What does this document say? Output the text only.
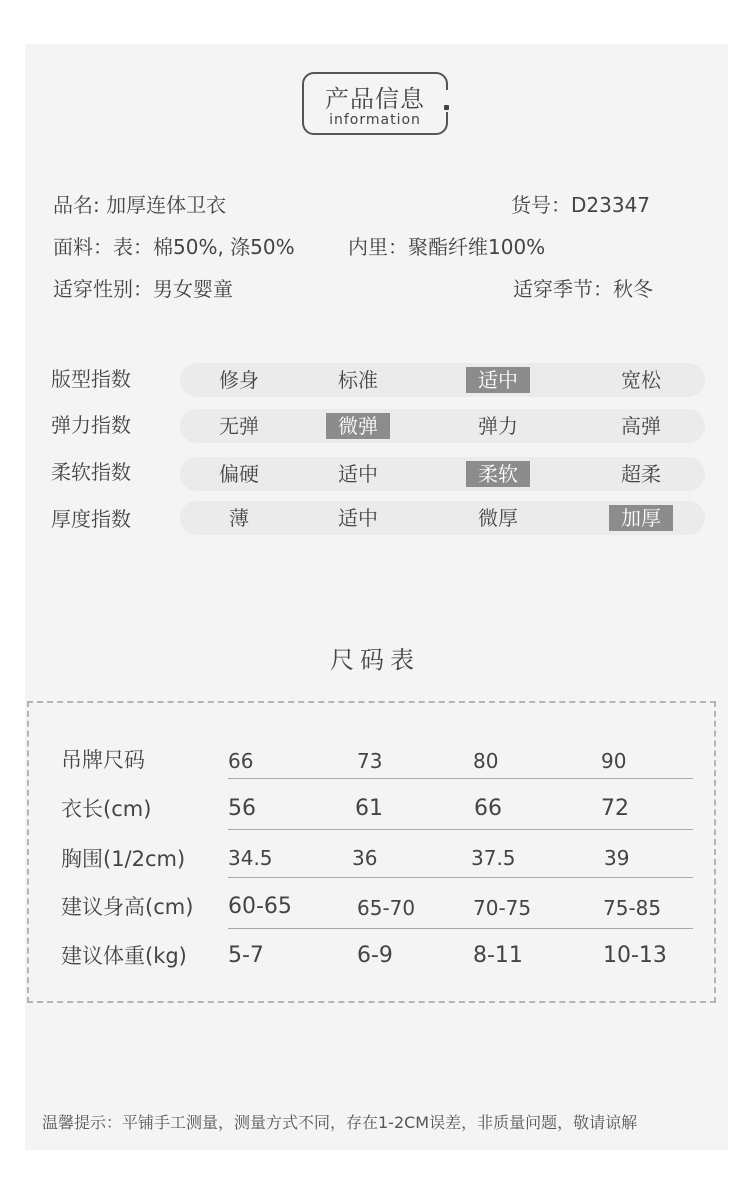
产品信息
information
品名: 加厚连体卫衣	货号：D23347
面料：表：棉50%, 涤50%	内里：聚酯纤维100%
适穿性别：男女婴童	适穿季节：秋冬
版型指数	修身	标准	适中	宽松
弹力指数	无弹	微弹	弹力	高弹
柔软指数	偏硬	适中	柔软	超柔
厚度指数	薄	适中	微厚	加厚
尺码表
吊牌尺码	66	73	80	90
衣长(cm)	56	61	66	72
胸围(1/2cm) 34.5	36	37.5	39
建议身高(cm) 60-65	65-70	70-75	75-85
建议体重(kg) 5-7	6-9	8-11	10-13
温馨提示：平铺手工测量，测量方式不同，存在1-2CM误差，非质量问题，敬请谅解
